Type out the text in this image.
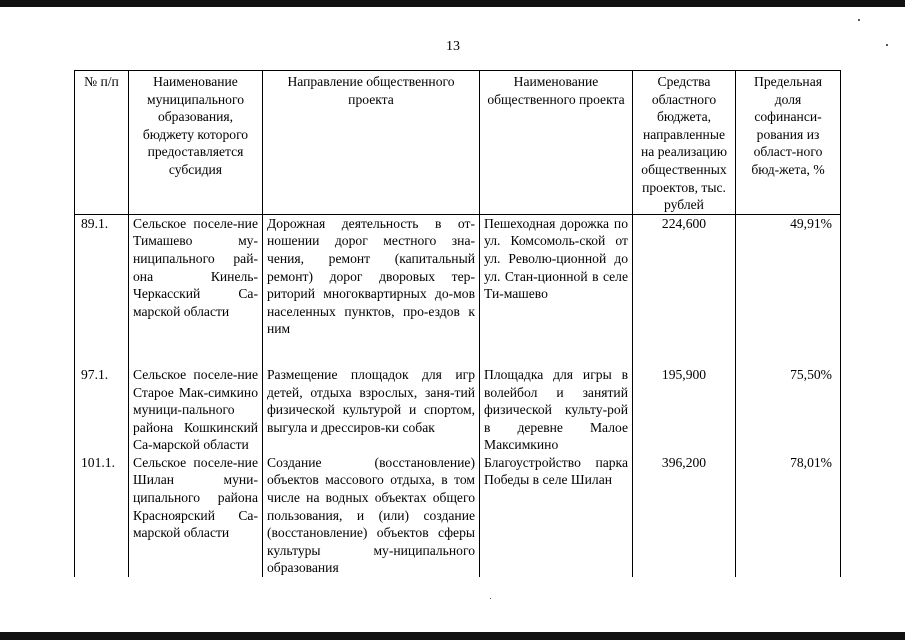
13
№ п/п	Наименование муниципального образования, бюджету которого предоставляется субсидия	Направление общественного проекта	Наименование общественного проекта	Средства областного бюджета, направленные на реализацию общественных проектов, тыс. рублей	Предельная доля софинанси-рования из област-ного бюд-жета, %
89.1.	Сельское поселе-ние Тимашево му-ниципального рай-она Кинель-Черкасский Са-марской области	Дорожная деятельность в от-ношении дорог местного зна-чения, ремонт (капитальный ремонт) дорог дворовых тер-риторий многоквартирных до-мов населенных пунктов, про-ездов к ним	Пешеходная дорожка по ул. Комсомоль-ской от ул. Револю-ционной до ул. Стан-ционной в селе Ти-машево	224,600	49,91%

97.1.	Сельское поселе-ние Старое Мак-симкино муници-пального района Кошкинский Са-марской области	Размещение площадок для игр детей, отдыха взрослых, заня-тий физической культурой и спортом, выгула и дрессиров-ки собак	Площадка для игры в волейбол и занятий физической культу-рой в деревне Малое Максимкино	195,900	75,50%
101.1.	Сельское поселе-ние Шилан муни-ципального района Красноярский Са-марской области	Создание (восстановление) объектов массового отдыха, в том числе на водных объектах общего пользования, и (или) создание (восстановление) объектов сферы культуры му-ниципального образования	Благоустройство парка Победы в селе Шилан	396,200	78,01%
